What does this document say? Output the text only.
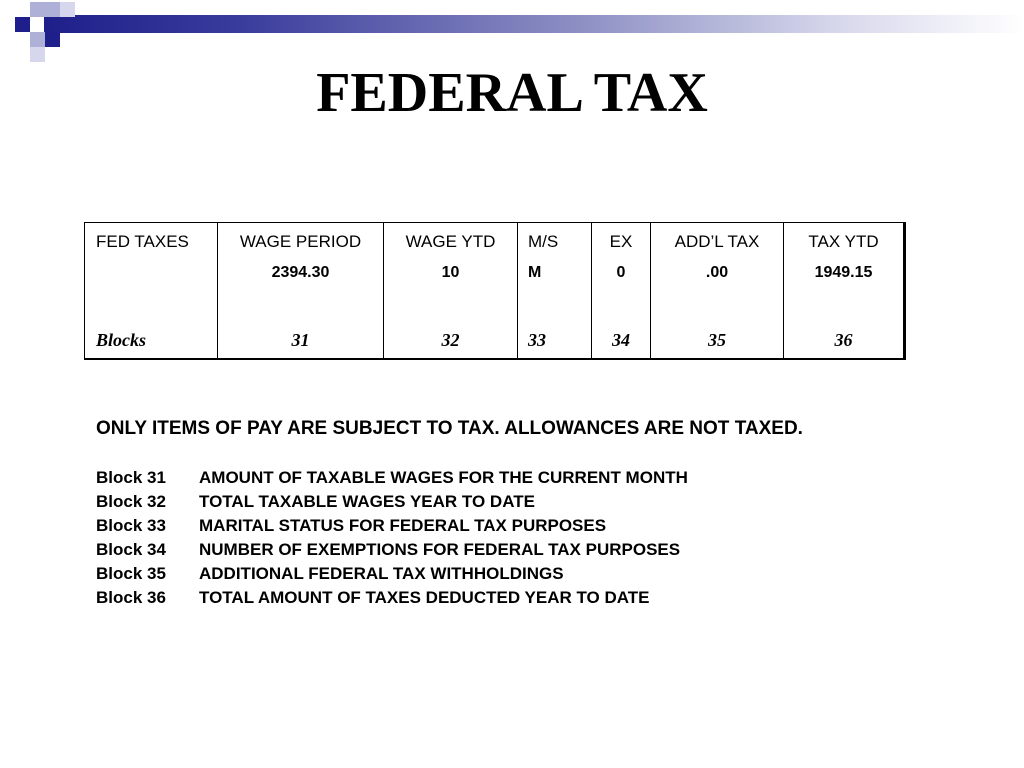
FEDERAL TAX
FED TAXES	WAGE PERIOD	WAGE YTD	M/S	EX	ADD’L TAX	TAX YTD
	2394.30	10	M	0	.00	1949.15
Blocks	31	32	33	34	35	36
ONLY ITEMS OF PAY ARE SUBJECT TO TAX. ALLOWANCES ARE NOT TAXED.
Block 31 AMOUNT OF TAXABLE WAGES FOR THE CURRENT MONTH
Block 32 TOTAL TAXABLE WAGES YEAR TO DATE
Block 33 MARITAL STATUS FOR FEDERAL TAX PURPOSES
Block 34 NUMBER OF EXEMPTIONS FOR FEDERAL TAX PURPOSES
Block 35 ADDITIONAL FEDERAL TAX WITHHOLDINGS
Block 36 TOTAL AMOUNT OF TAXES DEDUCTED YEAR TO DATE
